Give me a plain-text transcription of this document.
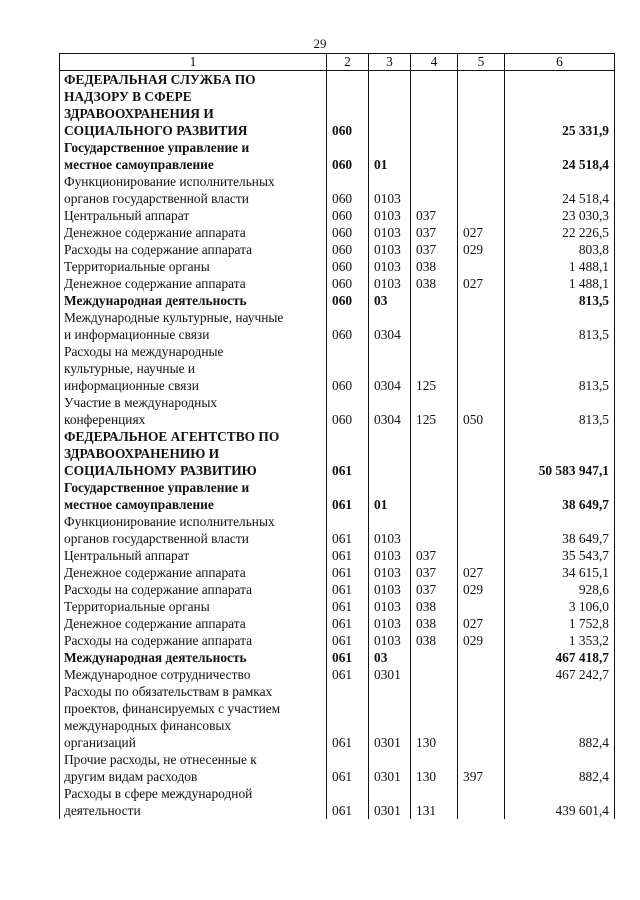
29
1	2	3	4	5	6
ФЕДЕРАЛЬНАЯ СЛУЖБА ПО
НАДЗОРУ В СФЕРЕ
ЗДРАВООХРАНЕНИЯ И
СОЦИАЛЬНОГО РАЗВИТИЯ	060				25 331,9
Государственное управление и
местное самоуправление	060	01			24 518,4
Функционирование исполнительных
органов государственной власти	060	0103			24 518,4
Центральный аппарат	060	0103	037		23 030,3
Денежное содержание аппарата	060	0103	037	027	22 226,5
Расходы на содержание аппарата	060	0103	037	029	803,8
Территориальные органы	060	0103	038		1 488,1
Денежное содержание аппарата	060	0103	038	027	1 488,1
Международная деятельность	060	03			813,5
Международные культурные, научные
и информационные связи	060	0304			813,5
Расходы на международные
культурные, научные и
информационные связи	060	0304	125		813,5
Участие в международных
конференциях	060	0304	125	050	813,5
ФЕДЕРАЛЬНОЕ АГЕНТСТВО ПО
ЗДРАВООХРАНЕНИЮ И
СОЦИАЛЬНОМУ РАЗВИТИЮ	061				50 583 947,1
Государственное управление и
местное самоуправление	061	01			38 649,7
Функционирование исполнительных
органов государственной власти	061	0103			38 649,7
Центральный аппарат	061	0103	037		35 543,7
Денежное содержание аппарата	061	0103	037	027	34 615,1
Расходы на содержание аппарата	061	0103	037	029	928,6
Территориальные органы	061	0103	038		3 106,0
Денежное содержание аппарата	061	0103	038	027	1 752,8
Расходы на содержание аппарата	061	0103	038	029	1 353,2
Международная деятельность	061	03			467 418,7
Международное сотрудничество	061	0301			467 242,7
Расходы по обязательствам в рамках
проектов, финансируемых с участием
международных финансовых
организаций	061	0301	130		882,4
Прочие расходы, не отнесенные к
другим видам расходов	061	0301	130	397	882,4
Расходы в сфере международной
деятельности	061	0301	131		439 601,4
